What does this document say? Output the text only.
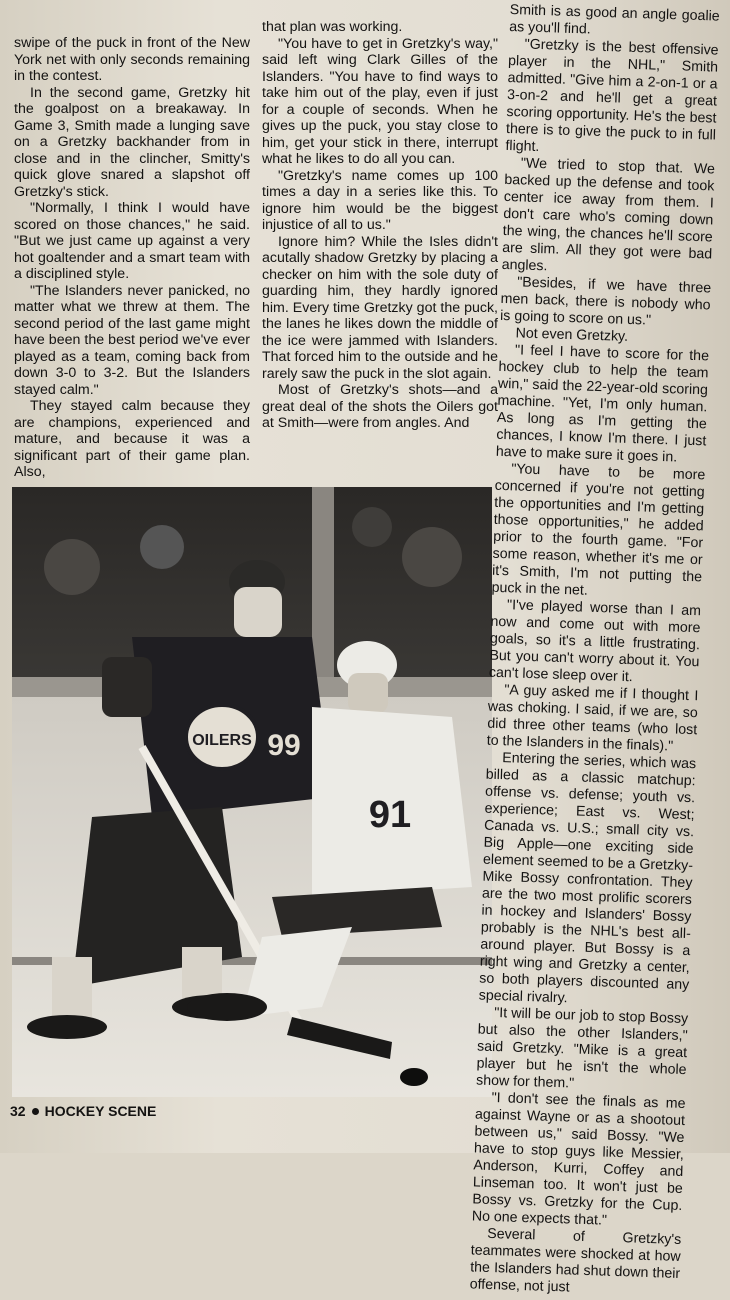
swipe of the puck in front of the New York net with only seconds remaining in the contest.

In the second game, Gretzky hit the goalpost on a breakaway. In Game 3, Smith made a lunging save on a Gretzky backhander from in close and in the clincher, Smitty's quick glove snared a slapshot off Gretzky's stick.

"Normally, I think I would have scored on those chances," he said. "But we just came up against a very hot goaltender and a smart team with a disciplined style.

"The Islanders never panicked, no matter what we threw at them. The second period of the last game might have been the best period we've ever played as a team, coming back from down 3-0 to 3-2. But the Islanders stayed calm."

They stayed calm because they are champions, experienced and mature, and because it was a significant part of their game plan. Also,

that plan was working.

"You have to get in Gretzky's way," said left wing Clark Gilles of the Islanders. "You have to find ways to take him out of the play, even if just for a couple of seconds. When he gives up the puck, you stay close to him, get your stick in there, interrupt what he likes to do all you can.

"Gretzky's name comes up 100 times a day in a series like this. To ignore him would be the biggest injustice of all to us."

Ignore him? While the Isles didn't acutally shadow Gretzky by placing a checker on him with the sole duty of guarding him, they hardly ignored him. Every time Gretzky got the puck, the lanes he likes down the middle of the ice were jammed with Islanders. That forced him to the outside and he rarely saw the puck in the slot again.

Most of Gretzky's shots—and a great deal of the shots the Oilers got at Smith—were from angles. And

OILERS 99
91

Smith is as good an angle goalie as you'll find.

"Gretzky is the best offensive player in the NHL," Smith admitted. "Give him a 2-on-1 or a 3-on-2 and he'll get a great scoring opportunity. He's the best there is to give the puck to in full flight.

"We tried to stop that. We backed up the defense and took center ice away from them. I don't care who's coming down the wing, the chances he'll score are slim. All they got were bad angles.

"Besides, if we have three men back, there is nobody who is going to score on us."

Not even Gretzky.

"I feel I have to score for the hockey club to help the team win," said the 22-year-old scoring machine. "Yet, I'm only human. As long as I'm getting the chances, I know I'm there. I just have to make sure it goes in.

"You have to be more concerned if you're not getting the opportunities and I'm getting those opportunities," he added prior to the fourth game. "For some reason, whether it's me or it's Smith, I'm not putting the puck in the net.

"I've played worse than I am now and come out with more goals, so it's a little frustrating. But you can't worry about it. You can't lose sleep over it.

"A guy asked me if I thought I was choking. I said, if we are, so did three other teams (who lost to the Islanders in the finals)."

Entering the series, which was billed as a classic matchup: offense vs. defense; youth vs. experience; East vs. West; Canada vs. U.S.; small city vs. Big Apple—one exciting side element seemed to be a Gretzky-Mike Bossy confrontation. They are the two most prolific scorers in hockey and Islanders' Bossy probably is the NHL's best all-around player. But Bossy is a right wing and Gretzky a center, so both players discounted any special rivalry.

"It will be our job to stop Bossy but also the other Islanders," said Gretzky. "Mike is a great player but he isn't the whole show for them."

"I don't see the finals as me against Wayne or as a shootout between us," said Bossy. "We have to stop guys like Messier, Anderson, Kurri, Coffey and Linseman too. It won't just be Bossy vs. Gretzky for the Cup. No one expects that."

Several of Gretzky's teammates were shocked at how the Islanders had shut down their offense, not just

32 HOCKEY SCENE
